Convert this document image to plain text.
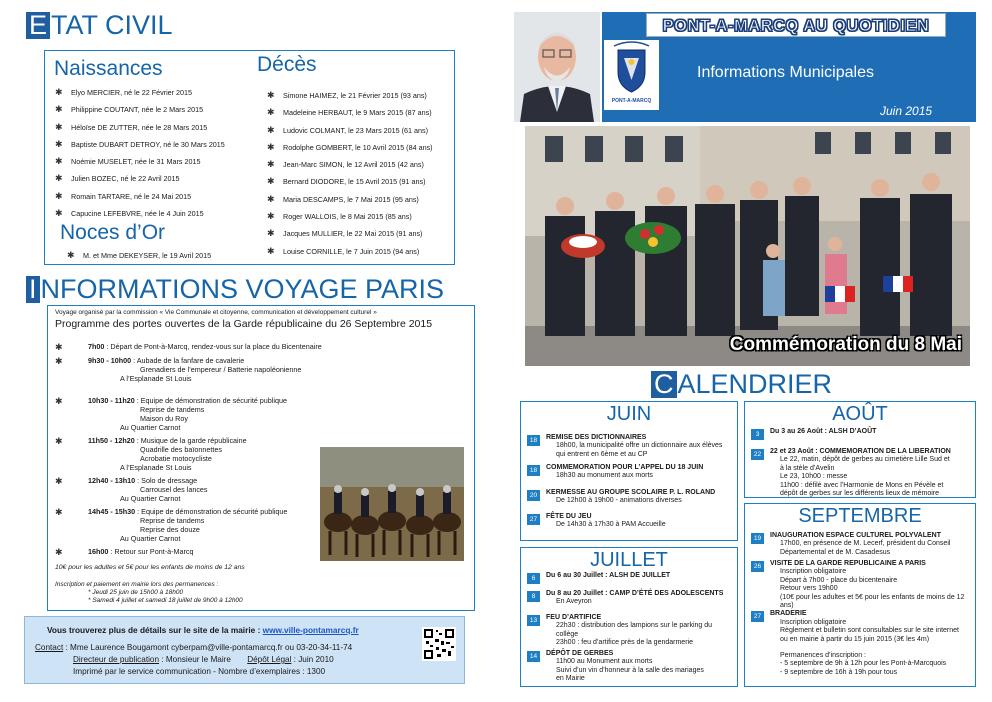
E TAT CIVIL
Naissances
✱ Elyo MERCIER, né le 22 Février 2015
✱ Philippine COUTANT, née le 2 Mars 2015
✱ Héloïse DE ZUTTER, née le 28 Mars 2015
✱ Baptiste DUBART DETROY, né le 30 Mars 2015
✱ Noémie MUSELET, née le 31 Mars 2015
✱ Julien BOZEC, né le 22 Avril 2015
✱ Romain TARTARE, né le 24 Mai 2015
✱ Capucine LEFEBVRE, née le 4 Juin 2015
Décès
✱ Simone HAIMEZ, le 21 Février 2015 (93 ans)
✱ Madeleine HERBAUT, le 9 Mars 2015 (87 ans)
✱ Ludovic COLMANT, le 23 Mars 2015 (61 ans)
✱ Rodolphe GOMBERT, le 10 Avril 2015 (84 ans)
✱ Jean-Marc SIMON, le 12 Avril 2015 (42 ans)
✱ Bernard DIODORE, le 15 Avril 2015 (91 ans)
✱ Maria DESCAMPS, le 7 Mai 2015 (95 ans)
✱ Roger WALLOIS, le 8 Mai 2015 (85 ans)
✱ Jacques MULLIER, le 22 Mai 2015 (91 ans)
✱ Louise CORNILLE, le 7 Juin 2015 (94 ans)
Noces d’Or
✱ M. et Mme DEKEYSER, le 19 Avril 2015
I NFORMATIONS VOYAGE PARIS
Voyage organisé par la commission « Vie Communale et citoyenne, communication et développement culturel »
Programme des portes ouvertes de la Garde républicaine du 26 Septembre 2015
✱	7h00 : Départ de Pont-à-Marcq, rendez-vous sur la place du Bicentenaire
✱	9h30 - 10h00 : Aubade de la fanfare de cavalerie
Grenadiers de l’empereur / Batterie napoléonienne
A l’Esplanade St Louis
✱	10h30 - 11h20 : Equipe de démonstration de sécurité publique
Reprise de tandems
Maison du Roy
Au Quartier Carnot
✱	11h50 - 12h20 : Musique de la garde républicaine
Quadrille des baïonnettes
Acrobatie motocycliste
A l’Esplanade St Louis
✱	12h40 - 13h10 : Solo de dressage
Carrousel des lances
Au Quartier Carnot
✱	14h45 - 15h30 : Equipe de démonstration de sécurité publique
Reprise de tandems
Reprise des douze
Au Quartier Carnot
✱	16h00 : Retour sur Pont-à-Marcq
10€ pour les adultes et 5€ pour les enfants de moins de 12 ans
Inscription et paiement en mairie lors des permanences :
* Jeudi 25 juin de 15h00 à 18h00
* Samedi 4 juillet et samedi 18 juillet de 9h00 à 12h00
Vous trouverez plus de détails sur le site de la mairie : www.ville-pontamarcq.fr
Contact : Mme Laurence Bougamont cyberpam@ville-pontamarcq.fr ou 03-20-34-11-74
Directeur de publication : Monsieur le Maire Dépôt Légal : Juin 2010
Imprimé par le service communication - Nombre d’exemplaires : 1300
PONT-A-MARCQ AU QUOTIDIEN
PONT-A-MARCQ
Informations Municipales
Juin 2015
Commémoration du 8 Mai
C ALENDRIER
JUIN
18	REMISE DES DICTIONNAIRES
18h00, la municipalité offre un dictionnaire aux élèves
qui entrent en 6ème et au CP
18	COMMEMORATION POUR L’APPEL DU 18 JUIN
18h30 au monument aux morts
20	KERMESSE AU GROUPE SCOLAIRE P. L. ROLAND
De 12h00 à 19h00 - animations diverses
27	FÊTE DU JEU
De 14h30 à 17h30 à PAM Accueille
JUILLET
6	Du 6 au 30 Juillet : ALSH DE JUILLET
8	Du 8 au 20 Juillet : CAMP D’ÉTÉ DES ADOLESCENTS
En Aveyron
13	FEU D’ARTIFICE
22h30 : distribution des lampions sur le parking du
collège
23h00 : feu d’artifice près de la gendarmerie
14	DÉPÔT DE GERBES
11h00 au Monument aux morts
Suivi d’un vin d’honneur à la salle des mariages
en Mairie
AOÛT
3	Du 3 au 26 Août : ALSH D’AOÛT
22	22 et 23 Août : COMMEMORATION DE LA LIBERATION
Le 22, matin, dépôt de gerbes au cimetière Lille Sud et
à la stèle d’Avelin
Le 23, 10h00 : messe
11h00 : défilé avec l’Harmonie de Mons en Pévèle et
dépôt de gerbes sur les différents lieux de mémoire
SEPTEMBRE
19	INAUGURATION ESPACE CULTUREL POLYVALENT
17h00, en présence de M. Lecerf, président du Conseil
Départemental et de M. Casadesus
26	VISITE DE LA GARDE REPUBLICAINE A PARIS
Inscription obligatoire
Départ à 7h00 - place du bicentenaire
Retour vers 19h00
(10€ pour les adultes et 5€ pour les enfants de moins de 12 ans)
27	BRADERIE
Inscription obligatoire
Règlement et bulletin sont consultables sur le site internet
ou en mairie à partir du 15 juin 2015 (3€ les 4m)
Permanences d’inscription :
- 5 septembre de 9h à 12h pour les Pont-à-Marcquois
- 9 septembre de 16h à 19h pour tous
